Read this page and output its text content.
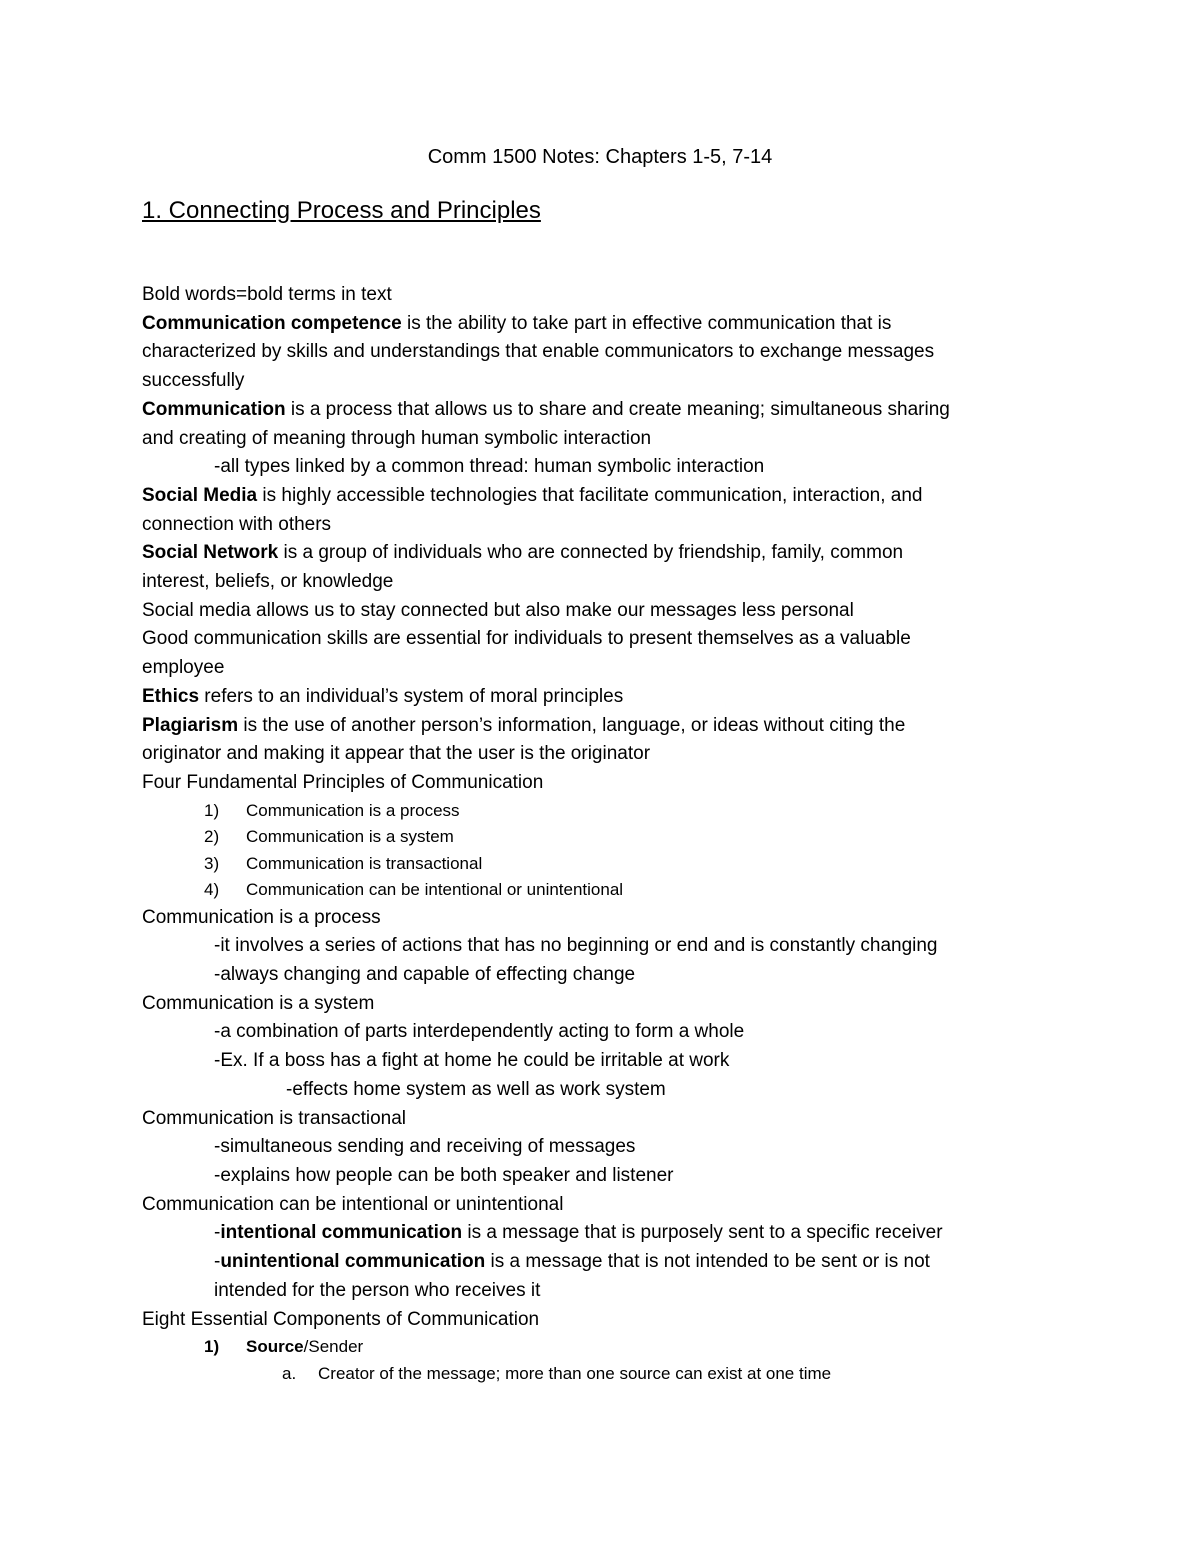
Comm 1500 Notes: Chapters 1-5, 7-14
1. Connecting Process and Principles
Bold words=bold terms in text
Communication competence is the ability to take part in effective communication that is
characterized by skills and understandings that enable communicators to exchange messages
successfully
Communication is a process that allows us to share and create meaning; simultaneous sharing
and creating of meaning through human symbolic interaction
-all types linked by a common thread: human symbolic interaction
Social Media is highly accessible technologies that facilitate communication, interaction, and
connection with others
Social Network is a group of individuals who are connected by friendship, family, common
interest, beliefs, or knowledge
Social media allows us to stay connected but also make our messages less personal
Good communication skills are essential for individuals to present themselves as a valuable
employee
Ethics refers to an individual’s system of moral principles
Plagiarism is the use of another person’s information, language, or ideas without citing the
originator and making it appear that the user is the originator
Four Fundamental Principles of Communication
1) Communication is a process
2) Communication is a system
3) Communication is transactional
4) Communication can be intentional or unintentional
Communication is a process
-it involves a series of actions that has no beginning or end and is constantly changing
-always changing and capable of effecting change
Communication is a system
-a combination of parts interdependently acting to form a whole
-Ex. If a boss has a fight at home he could be irritable at work
-effects home system as well as work system
Communication is transactional
-simultaneous sending and receiving of messages
-explains how people can be both speaker and listener
Communication can be intentional or unintentional
-intentional communication is a message that is purposely sent to a specific receiver
-unintentional communication is a message that is not intended to be sent or is not
intended for the person who receives it
Eight Essential Components of Communication
1) Source/Sender
a. Creator of the message; more than one source can exist at one time
